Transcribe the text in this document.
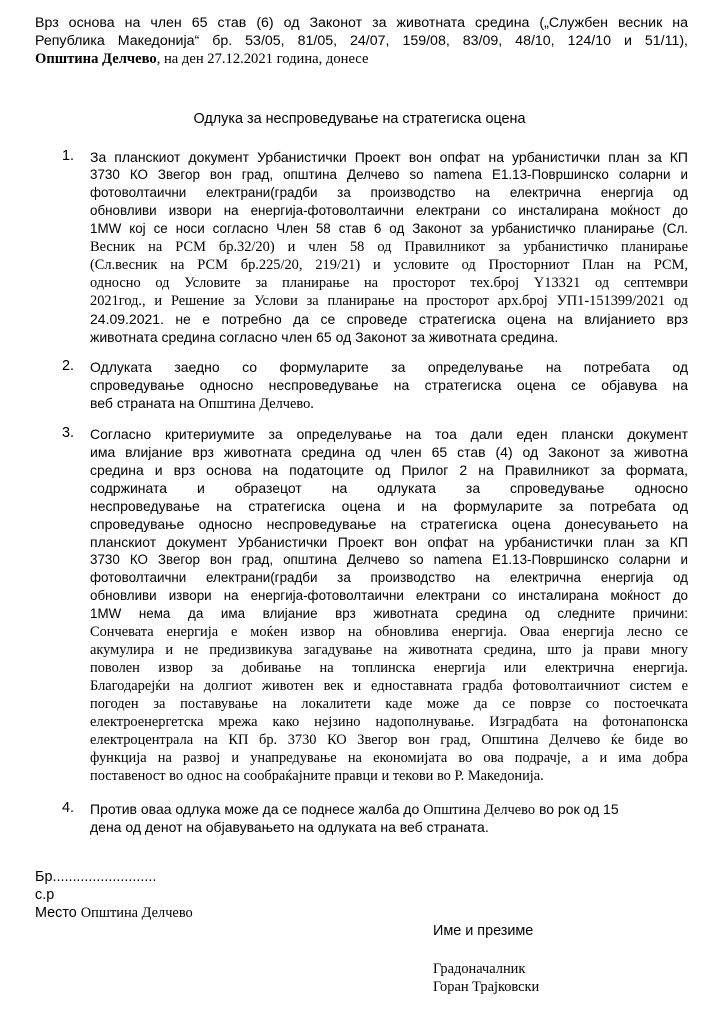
Врз основа на член 65 став (6) од Законот за животната средина („Службен весник на
Република Македонија“ бр. 53/05, 81/05, 24/07, 159/08, 83/09, 48/10, 124/10 и 51/11),
Општина Делчево, на ден 27.12.2021 година, донесе
Одлука за неспроведување на стратегиска оцена
1. За планскиот документ Урбанистички Проект вон опфат на урбанистички план за КП
3730 КО Звегор вон град, општина Делчево so namena Е1.13-Површинско соларни и
фотоволтаични електрани(градби за производство на електрична енергија од
обновливи извори на енергија-фотоволтаични електрани со инсталирана моќност до
1MW кој се носи согласно Член 58 став 6 од Законот за урбанистичко планирање (Сл.
Весник на РСМ бр.32/20) и член 58 од Правилникот за урбанистичко планирање
(Сл.весник на РСМ бр.225/20, 219/21) и условите од Просторниот План на РСМ,
односно од Условите за планирање на просторот тех.број Y13321 од септември
2021год., и Решение за Услови за планирање на просторот арх.број УП1-151399/2021 од
24.09.2021. не е потребно да се спроведе стратегиска оцена на влијанието врз
животната средина согласно член 65 од Законот за животната средина.
2. Одлуката заедно со формуларите за определување на потребата од
спроведување односно неспроведување на стратегиска оцена се објавува на
веб страната на Општина Делчево.
3. Согласно критериумите за определување на тоа дали еден плански документ
има влијание врз животната средина од член 65 став (4) од Законот за животна
средина и врз основа на податоците од Прилог 2 на Правилникот за формата,
содржината и образецот на одлуката за спроведување односно
неспроведување на стратегиска оцена и на формуларите за потребата од
спроведување односно неспроведување на стратегиска оцена донесувањето на
планскиот документ Урбанистички Проект вон опфат на урбанистички план за КП
3730 КО Звегор вон град, општина Делчево so namena Е1.13-Површинско соларни и
фотоволтаични електрани(градби за производство на електрична енергија од
обновливи извори на енергија-фотоволтаични електрани со инсталирана моќност до
1MW нема да има влијание врз животната средина од следните причини:
Сончевата енергија е моќен извор на обновлива енергија. Оваа енергија лесно се
акумулира и не предизвикува загадување на животната средина, што ја прави многу
поволен извор за добивање на топлинска енергија или електрична енергија.
Благодарејќи на долгиот животен век и едноставната градба фотоволтаичниот систем е
погоден за поставување на локалитети каде може да се поврзе со постоечката
електроенергетска мрежа како нејзино надополнување. Изградбата на фотонапонска
електроцентрала на КП бр. 3730 КО Звегор вон град, Општина Делчево ќе биде во
функција на развој и унапредување на економијата во ова подрачје, а и има добра
поставеност во однос на сообраќајните правци и текови во Р. Македонија.
4. Против оваа одлука може да се поднесе жалба до Општина Делчево во рок од 15
дена од денот на објавувањето на одлуката на веб страната.
Бр..........................
с.р
Место Општина Делчево
Име и презиме
Градоначалник
Горан Трајковски
